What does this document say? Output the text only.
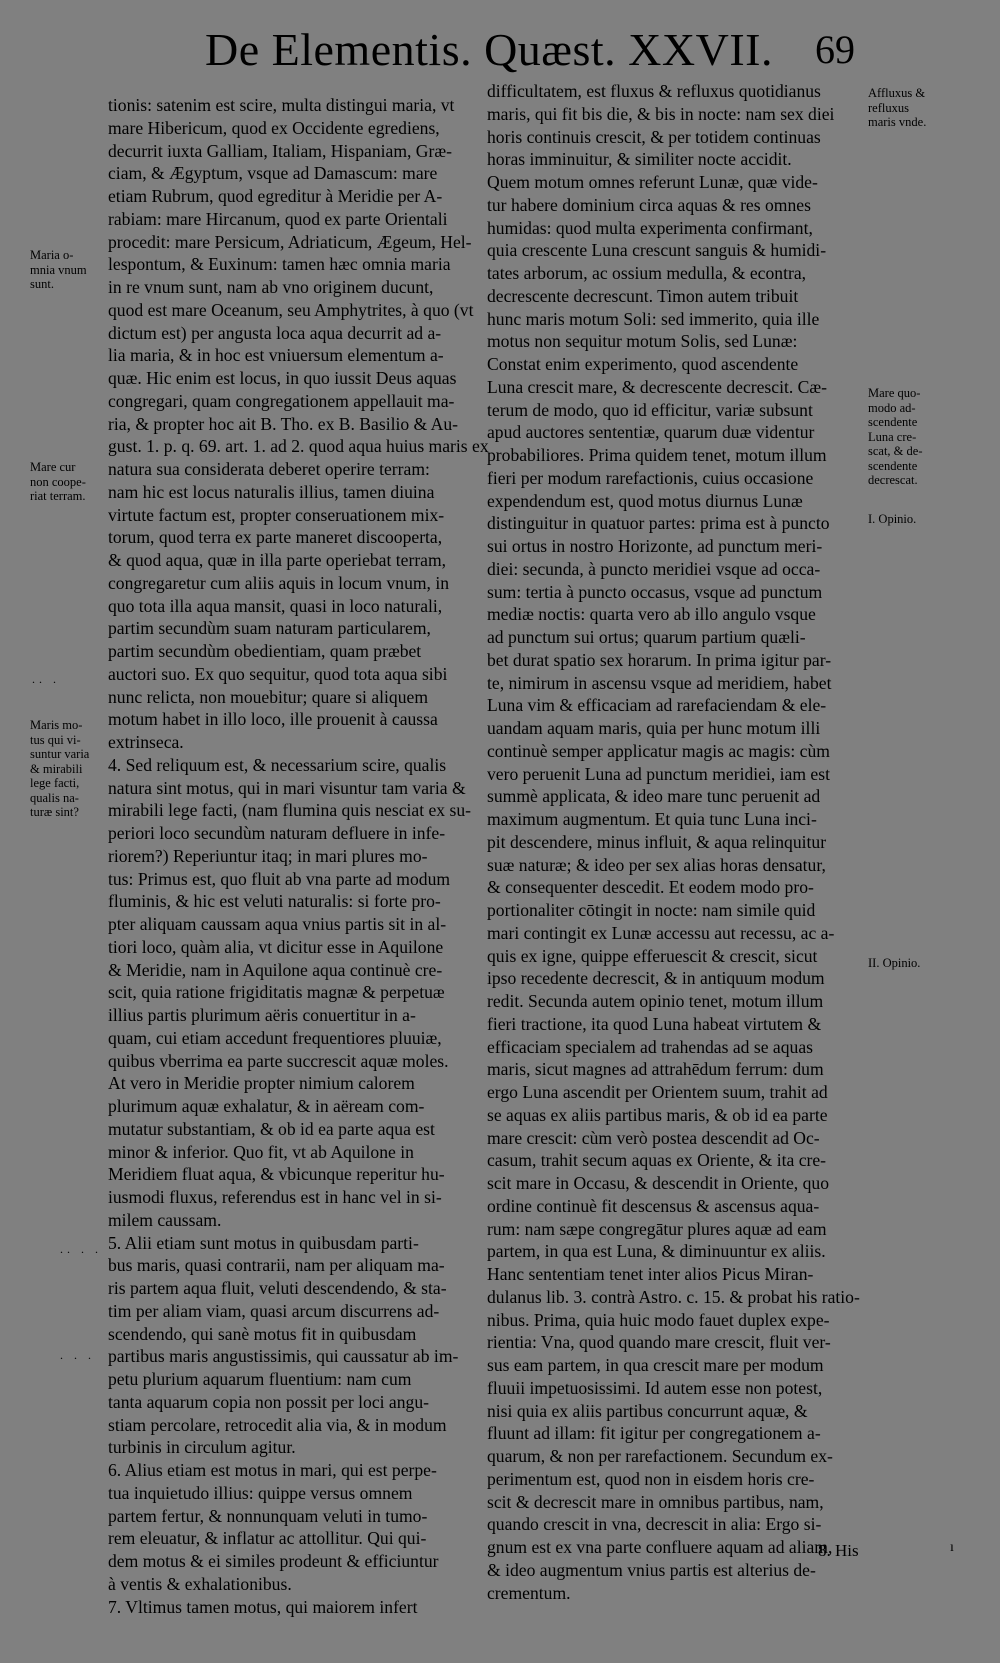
De Elementis. Quæst. XXVII. 69
tionis: satenim est scire, multa distingui maria, vt
mare Hibericum, quod ex Occidente egrediens,
decurrit iuxta Galliam, Italiam, Hispaniam, Græ-
ciam, & Ægyptum, vsque ad Damascum: mare
etiam Rubrum, quod egreditur à Meridie per A-
rabiam: mare Hircanum, quod ex parte Orientali
procedit: mare Persicum, Adriaticum, Ægeum, Hel-
lespontum, & Euxinum: tamen hæc omnia maria
in re vnum sunt, nam ab vno originem ducunt,
quod est mare Oceanum, seu Amphytrites, à quo (vt
dictum est) per angusta loca aqua decurrit ad a-
lia maria, & in hoc est vniuersum elementum a-
quæ. Hic enim est locus, in quo iussit Deus aquas
congregari, quam congregationem appellauit ma-
ria, & propter hoc ait B. Tho. ex B. Basilio & Au-
gust. 1. p. q. 69. art. 1. ad 2. quod aqua huius maris ex
natura sua considerata deberet operire terram:
nam hic est locus naturalis illius, tamen diuina
virtute factum est, propter conseruationem mix-
torum, quod terra ex parte maneret discooperta,
& quod aqua, quæ in illa parte operiebat terram,
congregaretur cum aliis aquis in locum vnum, in
quo tota illa aqua mansit, quasi in loco naturali,
partim secundùm suam naturam particularem,
partim secundùm obedientiam, quam præbet
auctori suo. Ex quo sequitur, quod tota aqua sibi
nunc relicta, non mouebitur; quare si aliquem
motum habet in illo loco, ille prouenit à caussa
extrinseca.
4. Sed reliquum est, & necessarium scire, qualis
natura sint motus, qui in mari visuntur tam varia &
mirabili lege facti, (nam flumina quis nesciat ex su-
periori loco secundùm naturam defluere in infe-
riorem?) Reperiuntur itaq; in mari plures mo-
tus: Primus est, quo fluit ab vna parte ad modum
fluminis, & hic est veluti naturalis: si forte pro-
pter aliquam caussam aqua vnius partis sit in al-
tiori loco, quàm alia, vt dicitur esse in Aquilone
& Meridie, nam in Aquilone aqua continuè cre-
scit, quia ratione frigiditatis magnæ & perpetuæ
illius partis plurimum aëris conuertitur in a-
quam, cui etiam accedunt frequentiores pluuiæ,
quibus vberrima ea parte succrescit aquæ moles.
At vero in Meridie propter nimium calorem
plurimum aquæ exhalatur, & in aëream com-
mutatur substantiam, & ob id ea parte aqua est
minor & inferior. Quo fit, vt ab Aquilone in
Meridiem fluat aqua, & vbicunque reperitur hu-
iusmodi fluxus, referendus est in hanc vel in si-
milem caussam.
5. Alii etiam sunt motus in quibusdam parti-
bus maris, quasi contrarii, nam per aliquam ma-
ris partem aqua fluit, veluti descendendo, & sta-
tim per aliam viam, quasi arcum discurrens ad-
scendendo, qui sanè motus fit in quibusdam
partibus maris angustissimis, qui caussatur ab im-
petu plurium aquarum fluentium: nam cum
tanta aquarum copia non possit per loci angu-
stiam percolare, retrocedit alia via, & in modum
turbinis in circulum agitur.
6. Alius etiam est motus in mari, qui est perpe-
tua inquietudo illius: quippe versus omnem
partem fertur, & nonnunquam veluti in tumo-
rem eleuatur, & inflatur ac attollitur. Qui qui-
dem motus & ei similes prodeunt & efficiuntur
à ventis & exhalationibus.
7. Vltimus tamen motus, qui maiorem infert
difficultatem, est fluxus & refluxus quotidianus
maris, qui fit bis die, & bis in nocte: nam sex diei
horis continuis crescit, & per totidem continuas
horas imminuitur, & similiter nocte accidit.
Quem motum omnes referunt Lunæ, quæ vide-
tur habere dominium circa aquas & res omnes
humidas: quod multa experimenta confirmant,
quia crescente Luna crescunt sanguis & humidi-
tates arborum, ac ossium medulla, & econtra,
decrescente decrescunt. Timon autem tribuit
hunc maris motum Soli: sed immerito, quia ille
motus non sequitur motum Solis, sed Lunæ:
Constat enim experimento, quod ascendente
Luna crescit mare, & decrescente decrescit. Cæ-
terum de modo, quo id efficitur, variæ subsunt
apud auctores sententiæ, quarum duæ videntur
probabiliores. Prima quidem tenet, motum illum
fieri per modum rarefactionis, cuius occasione
expendendum est, quod motus diurnus Lunæ
distinguitur in quatuor partes: prima est à puncto
sui ortus in nostro Horizonte, ad punctum meri-
diei: secunda, à puncto meridiei vsque ad occa-
sum: tertia à puncto occasus, vsque ad punctum
mediæ noctis: quarta vero ab illo angulo vsque
ad punctum sui ortus; quarum partium quæli-
bet durat spatio sex horarum. In prima igitur par-
te, nimirum in ascensu vsque ad meridiem, habet
Luna vim & efficaciam ad rarefaciendam & ele-
uandam aquam maris, quia per hunc motum illi
continuè semper applicatur magis ac magis: cùm
vero peruenit Luna ad punctum meridiei, iam est
summè applicata, & ideo mare tunc peruenit ad
maximum augmentum. Et quia tunc Luna inci-
pit descendere, minus influit, & aqua relinquitur
suæ naturæ; & ideo per sex alias horas densatur,
& consequenter descedit. Et eodem modo pro-
portionaliter cōtingit in nocte: nam simile quid
mari contingit ex Lunæ accessu aut recessu, ac a-
quis ex igne, quippe efferuescit & crescit, sicut
ipso recedente decrescit, & in antiquum modum
redit. Secunda autem opinio tenet, motum illum
fieri tractione, ita quod Luna habeat virtutem &
efficaciam specialem ad trahendas ad se aquas
maris, sicut magnes ad attrahēdum ferrum: dum
ergo Luna ascendit per Orientem suum, trahit ad
se aquas ex aliis partibus maris, & ob id ea parte
mare crescit: cùm verò postea descendit ad Oc-
casum, trahit secum aquas ex Oriente, & ita cre-
scit mare in Occasu, & descendit in Oriente, quo
ordine continuè fit descensus & ascensus aqua-
rum: nam sæpe congregātur plures aquæ ad eam
partem, in qua est Luna, & diminuuntur ex aliis.
Hanc sententiam tenet inter alios Picus Miran-
dulanus lib. 3. contrà Astro. c. 15. & probat his ratio-
nibus. Prima, quia huic modo fauet duplex expe-
rientia: Vna, quod quando mare crescit, fluit ver-
sus eam partem, in qua crescit mare per modum
fluuii impetuosissimi. Id autem esse non potest,
nisi quia ex aliis partibus concurrunt aquæ, &
fluunt ad illam: fit igitur per congregationem a-
quarum, & non per rarefactionem. Secundum ex-
perimentum est, quod non in eisdem horis cre-
scit & decrescit mare in omnibus partibus, nam,
quando crescit in vna, decrescit in alia: Ergo si-
gnum est ex vna parte confluere aquam ad aliam,
& ideo augmentum vnius partis est alterius de-
crementum.
Maria o-
mnia vnum
sunt.
Mare cur
non coope-
riat terram.
Maris mo-
tus qui vi-
suntur varia
& mirabili
lege facti,
qualis na-
turæ sint?
Affluxus &
refluxus
maris vnde.
Mare quo-
modo ad-
scendente
Luna cre-
scat, & de-
scendente
decrescat.
I. Opinio.
II. Opinio.
.. .
.. . .
. . .
8. His	ı
